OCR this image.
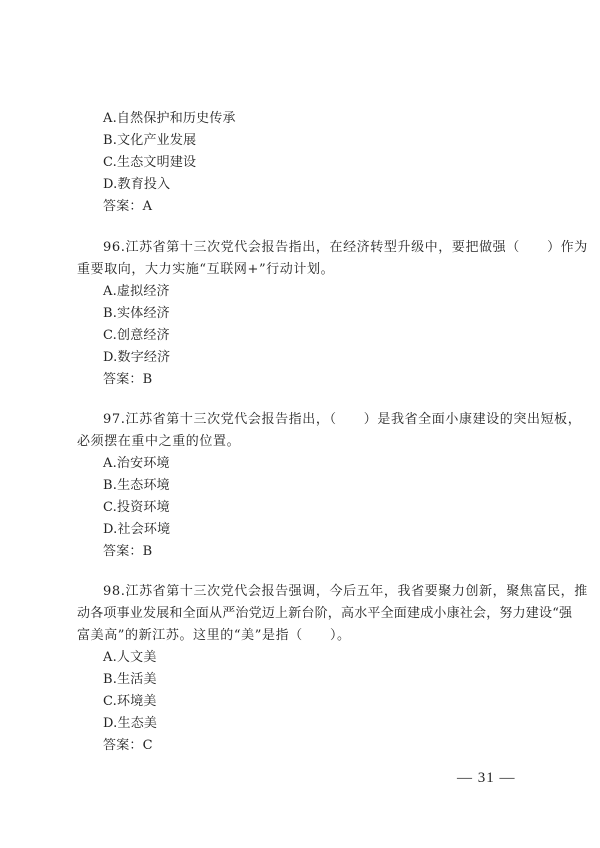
A.自然保护和历史传承
B.文化产业发展
C.生态文明建设
D.教育投入
答案：A
96.江苏省第十三次党代会报告指出，在经济转型升级中，要把做强（　　）作为
重要取向，大力实施“互联网+”行动计划。
A.虚拟经济
B.实体经济
C.创意经济
D.数字经济
答案：B
97.江苏省第十三次党代会报告指出，（　　）是我省全面小康建设的突出短板，
必须摆在重中之重的位置。
A.治安环境
B.生态环境
C.投资环境
D.社会环境
答案：B
98.江苏省第十三次党代会报告强调，今后五年，我省要聚力创新，聚焦富民，推
动各项事业发展和全面从严治党迈上新台阶，高水平全面建成小康社会，努力建设“强
富美高”的新江苏。这里的“美”是指（　　）。
A.人文美
B.生活美
C.环境美
D.生态美
答案：C
— 31 —
